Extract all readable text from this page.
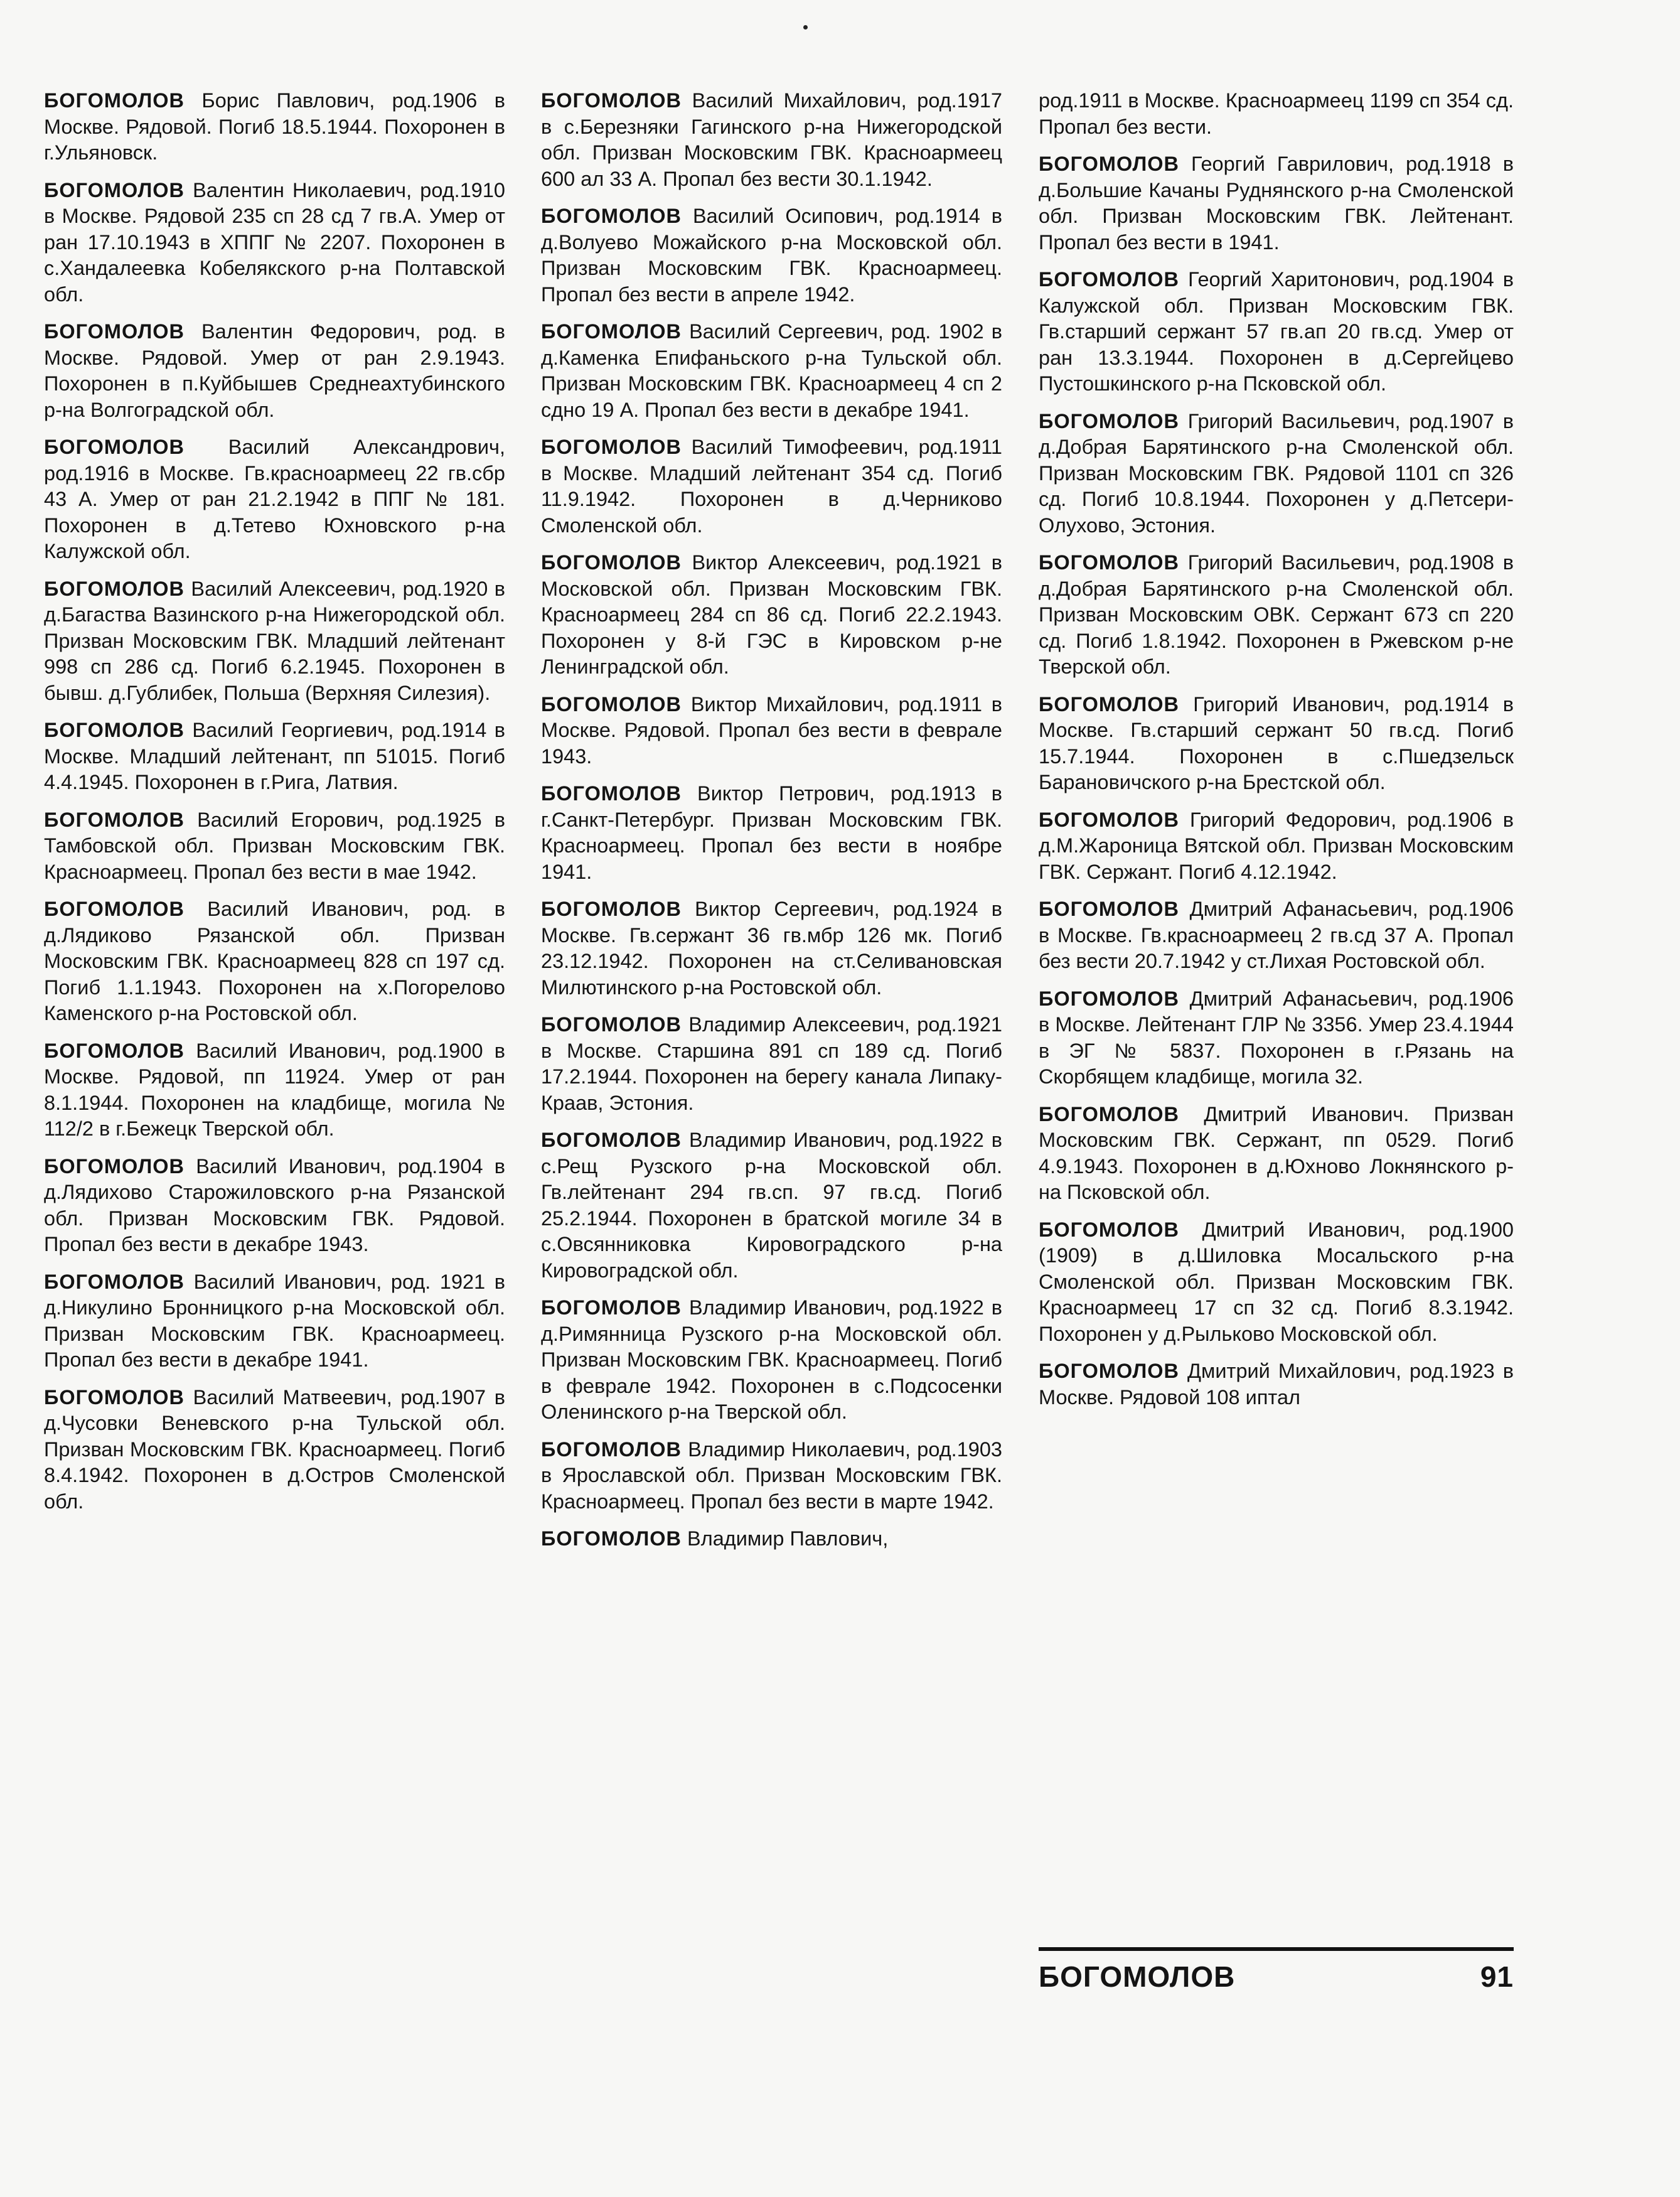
БОГОМОЛОВ Борис Павлович, род.1906 в Москве. Рядовой. Погиб 18.5.1944. Похоронен в г.Ульяновск.

БОГОМОЛОВ Валентин Николаевич, род.1910 в Москве. Рядовой 235 сп 28 сд 7 гв.А. Умер от ран 17.10.1943 в ХППГ № 2207. Похоронен в с.Хандалеевка Кобелякского р-на Полтавской обл.

БОГОМОЛОВ Валентин Федорович, род. в Москве. Рядовой. Умер от ран 2.9.1943. Похоронен в п.Куйбышев Среднеахтубинского р-на Волгоградской обл.

БОГОМОЛОВ Василий Александрович, род.1916 в Москве. Гв.красноармеец 22 гв.сбр 43 А. Умер от ран 21.2.1942 в ППГ № 181. Похоронен в д.Тетево Юхновского р-на Калужской обл.

БОГОМОЛОВ Василий Алексеевич, род.1920 в д.Багаства Вазинского р-на Нижегородской обл. Призван Московским ГВК. Младший лейтенант 998 сп 286 сд. Погиб 6.2.1945. Похоронен в бывш. д.Гублибек, Польша (Верхняя Силезия).

БОГОМОЛОВ Василий Георгиевич, род.1914 в Москве. Младший лейтенант, пп 51015. Погиб 4.4.1945. Похоронен в г.Рига, Латвия.

БОГОМОЛОВ Василий Егорович, род.1925 в Тамбовской обл. Призван Московским ГВК. Красноармеец. Пропал без вести в мае 1942.

БОГОМОЛОВ Василий Иванович, род. в д.Лядиково Рязанской обл. Призван Московским ГВК. Красноармеец 828 сп 197 сд. Погиб 1.1.1943. Похоронен на х.Погорелово Каменского р-на Ростовской обл.

БОГОМОЛОВ Василий Иванович, род.1900 в Москве. Рядовой, пп 11924. Умер от ран 8.1.1944. Похоронен на кладбище, могила № 112/2 в г.Бежецк Тверской обл.

БОГОМОЛОВ Василий Иванович, род.1904 в д.Лядихово Старожиловского р-на Рязанской обл. Призван Московским ГВК. Рядовой. Пропал без вести в декабре 1943.

БОГОМОЛОВ Василий Иванович, род. 1921 в д.Никулино Бронницкого р-на Московской обл. Призван Московским ГВК. Красноармеец. Пропал без вести в декабре 1941.

БОГОМОЛОВ Василий Матвеевич, род.1907 в д.Чусовки Веневского р-на Тульской обл. Призван Московским ГВК. Красноармеец. Погиб 8.4.1942. Похоронен в д.Остров Смоленской обл.

БОГОМОЛОВ Василий Михайлович, род.1917 в с.Березняки Гагинского р-на Нижегородской обл. Призван Московским ГВК. Красноармеец 600 ал 33 А. Пропал без вести 30.1.1942.

БОГОМОЛОВ Василий Осипович, род.1914 в д.Волуево Можайского р-на Московской обл. Призван Московским ГВК. Красноармеец. Пропал без вести в апреле 1942.

БОГОМОЛОВ Василий Сергеевич, род. 1902 в д.Каменка Епифаньского р-на Тульской обл. Призван Московским ГВК. Красноармеец 4 сп 2 сдно 19 А. Пропал без вести в декабре 1941.

БОГОМОЛОВ Василий Тимофеевич, род.1911 в Москве. Младший лейтенант 354 сд. Погиб 11.9.1942. Похоронен в д.Черниково Смоленской обл.

БОГОМОЛОВ Виктор Алексеевич, род.1921 в Московской обл. Призван Московским ГВК. Красноармеец 284 сп 86 сд. Погиб 22.2.1943. Похоронен у 8-й ГЭС в Кировском р-не Ленинградской обл.

БОГОМОЛОВ Виктор Михайлович, род.1911 в Москве. Рядовой. Пропал без вести в феврале 1943.

БОГОМОЛОВ Виктор Петрович, род.1913 в г.Санкт-Петербург. Призван Московским ГВК. Красноармеец. Пропал без вести в ноябре 1941.

БОГОМОЛОВ Виктор Сергеевич, род.1924 в Москве. Гв.сержант 36 гв.мбр 126 мк. Погиб 23.12.1942. Похоронен на ст.Селивановская Милютинского р-на Ростовской обл.

БОГОМОЛОВ Владимир Алексеевич, род.1921 в Москве. Старшина 891 сп 189 сд. Погиб 17.2.1944. Похоронен на берегу канала Липаку-Краав, Эстония.

БОГОМОЛОВ Владимир Иванович, род.1922 в с.Рещ Рузского р-на Московской обл. Гв.лейтенант 294 гв.сп. 97 гв.сд. Погиб 25.2.1944. Похоронен в братской могиле 34 в с.Овсянниковка Кировоградского р-на Кировоградской обл.

БОГОМОЛОВ Владимир Иванович, род.1922 в д.Римянница Рузского р-на Московской обл. Призван Московским ГВК. Красноармеец. Погиб в феврале 1942. Похоронен в с.Подсосенки Оленинского р-на Тверской обл.

БОГОМОЛОВ Владимир Николаевич, род.1903 в Ярославской обл. Призван Московским ГВК. Красноармеец. Пропал без вести в марте 1942.

БОГОМОЛОВ Владимир Павлович,

род.1911 в Москве. Красноармеец 1199 сп 354 сд. Пропал без вести.

БОГОМОЛОВ Георгий Гаврилович, род.1918 в д.Большие Качаны Руднянского р-на Смоленской обл. Призван Московским ГВК. Лейтенант. Пропал без вести в 1941.

БОГОМОЛОВ Георгий Харитонович, род.1904 в Калужской обл. Призван Московским ГВК. Гв.старший сержант 57 гв.ап 20 гв.сд. Умер от ран 13.3.1944. Похоронен в д.Сергейцево Пустошкинского р-на Псковской обл.

БОГОМОЛОВ Григорий Васильевич, род.1907 в д.Добрая Барятинского р-на Смоленской обл. Призван Московским ГВК. Рядовой 1101 сп 326 сд. Погиб 10.8.1944. Похоронен у д.Петсери-Олухово, Эстония.

БОГОМОЛОВ Григорий Васильевич, род.1908 в д.Добрая Барятинского р-на Смоленской обл. Призван Московским ОВК. Сержант 673 сп 220 сд. Погиб 1.8.1942. Похоронен в Ржевском р-не Тверской обл.

БОГОМОЛОВ Григорий Иванович, род.1914 в Москве. Гв.старший сержант 50 гв.сд. Погиб 15.7.1944. Похоронен в с.Пшедзельск Барановичского р-на Брестской обл.

БОГОМОЛОВ Григорий Федорович, род.1906 в д.М.Жароница Вятской обл. Призван Московским ГВК. Сержант. Погиб 4.12.1942.

БОГОМОЛОВ Дмитрий Афанасьевич, род.1906 в Москве. Гв.красноармеец 2 гв.сд 37 А. Пропал без вести 20.7.1942 у ст.Лихая Ростовской обл.

БОГОМОЛОВ Дмитрий Афанасьевич, род.1906 в Москве. Лейтенант ГЛР № 3356. Умер 23.4.1944 в ЭГ № 5837. Похоронен в г.Рязань на Скорбящем кладбище, могила 32.

БОГОМОЛОВ Дмитрий Иванович. Призван Московским ГВК. Сержант, пп 0529. Погиб 4.9.1943. Похоронен в д.Юхново Локнянского р-на Псковской обл.

БОГОМОЛОВ Дмитрий Иванович, род.1900 (1909) в д.Шиловка Мосальского р-на Смоленской обл. Призван Московским ГВК. Красноармеец 17 сп 32 сд. Погиб 8.3.1942. Похоронен у д.Рыльково Московской обл.

БОГОМОЛОВ Дмитрий Михайлович, род.1923 в Москве. Рядовой 108 иптал

БОГОМОЛОВ	91
